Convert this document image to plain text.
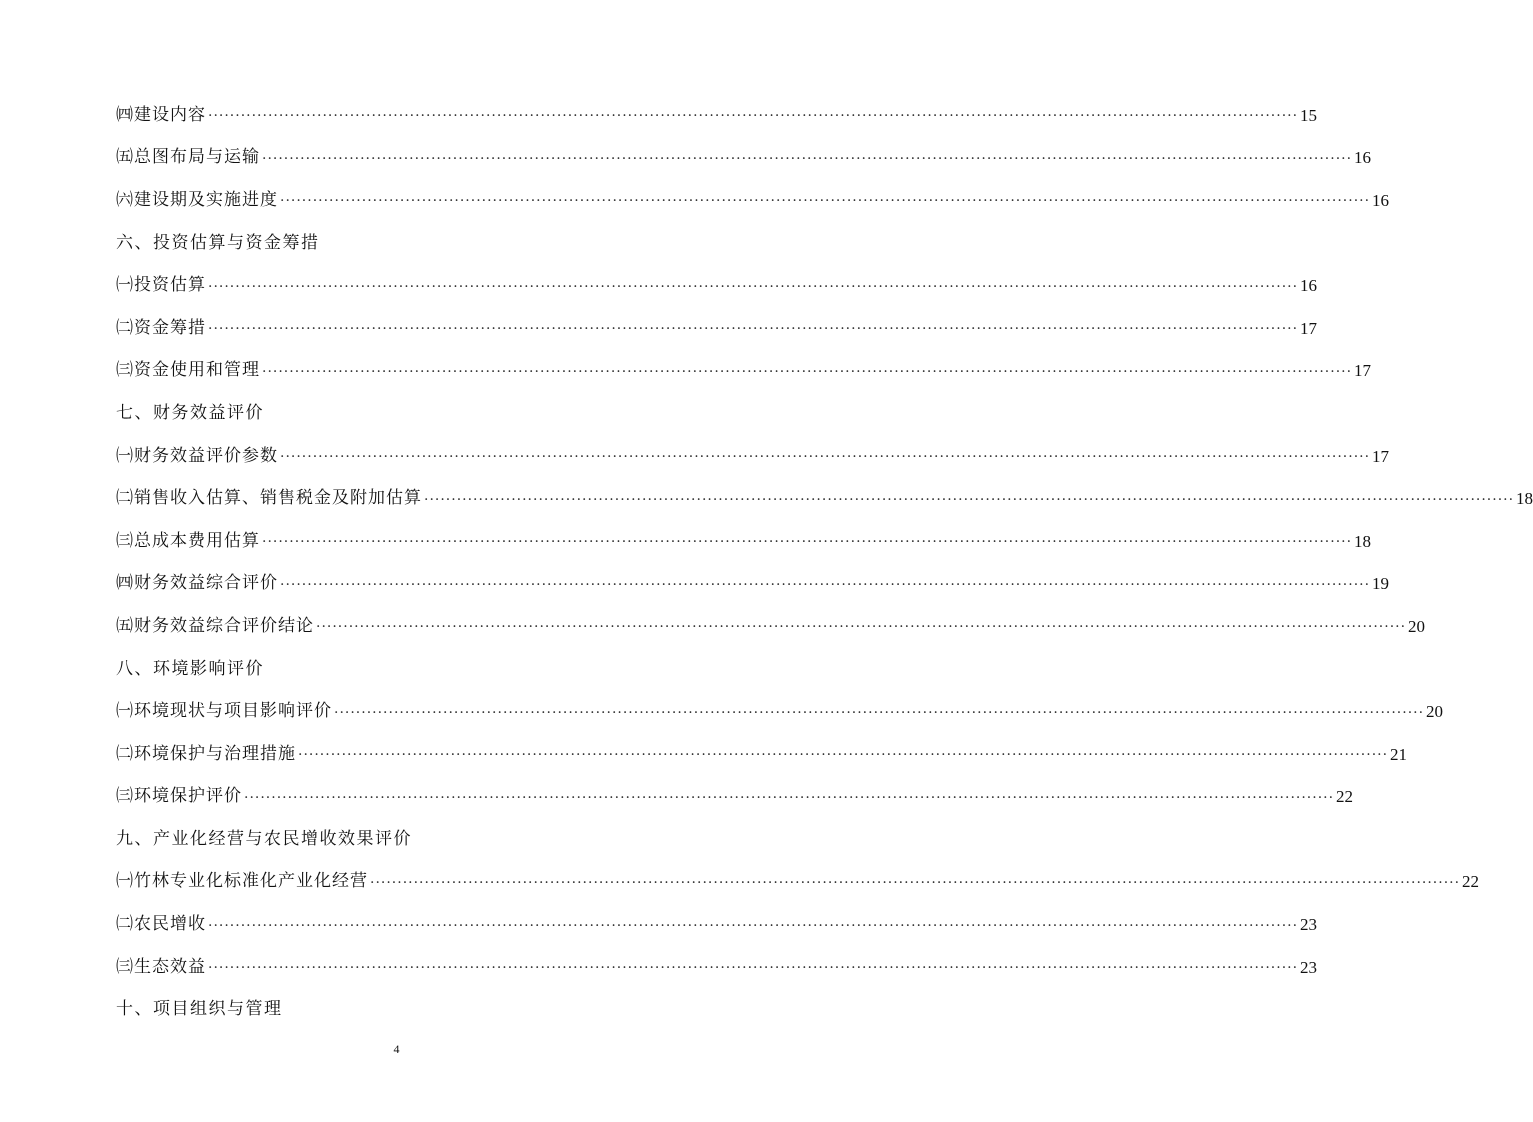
㈣建设内容 ········································································································································································································ 15
㈤总图布局与运输 ········································································································································································································ 16
㈥建设期及实施进度 ········································································································································································································ 16
六、投资估算与资金筹措
㈠投资估算 ········································································································································································································ 16
㈡资金筹措 ········································································································································································································ 17
㈢资金使用和管理 ········································································································································································································ 17
七、财务效益评价
㈠财务效益评价参数 ········································································································································································································ 17
㈡销售收入估算、销售税金及附加估算 ········································································································································································································ 18
㈢总成本费用估算 ········································································································································································································ 18
㈣财务效益综合评价 ········································································································································································································ 19
㈤财务效益综合评价结论 ········································································································································································································ 20
八、环境影响评价
㈠环境现状与项目影响评价 ········································································································································································································ 20
㈡环境保护与治理措施 ········································································································································································································ 21
㈢环境保护评价 ········································································································································································································ 22
九、产业化经营与农民增收效果评价
㈠竹林专业化标准化产业化经营 ········································································································································································································ 22
㈡农民增收 ········································································································································································································ 23
㈢生态效益 ········································································································································································································ 23
十、项目组织与管理
4
